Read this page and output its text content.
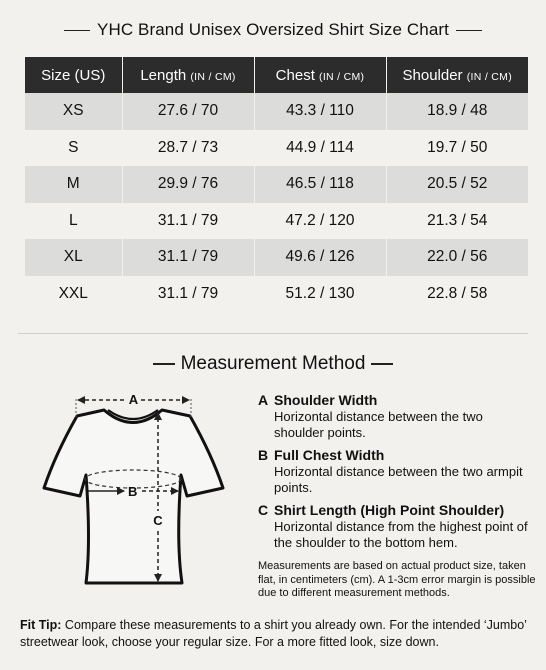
YHC Brand Unisex Oversized Shirt Size Chart
Size (US)	Length (IN / CM)	Chest (IN / CM)	Shoulder (IN / CM)
XS	27.6 / 70	43.3 / 110	18.9 / 48
S	28.7 / 73	44.9 / 114	19.7 / 50
M	29.9 / 76	46.5 / 118	20.5 / 52
L	31.1 / 79	47.2 / 120	21.3 / 54
XL	31.1 / 79	49.6 / 126	22.0 / 56
XXL	31.1 / 79	51.2 / 130	22.8 / 58
Measurement Method
A
B
C
A Shoulder Width
Horizontal distance between the two shoulder points.
B Full Chest Width
Horizontal distance between the two armpit points.
C Shirt Length (High Point Shoulder)
Horizontal distance from the highest point of the shoulder to the bottom hem.
Measurements are based on actual product size, taken flat, in centimeters (cm). A 1-3cm error margin is possible due to different measurement methods.
Fit Tip: Compare these measurements to a shirt you already own. For the intended ‘Jumbo’ streetwear look, choose your regular size. For a more fitted look, size down.
